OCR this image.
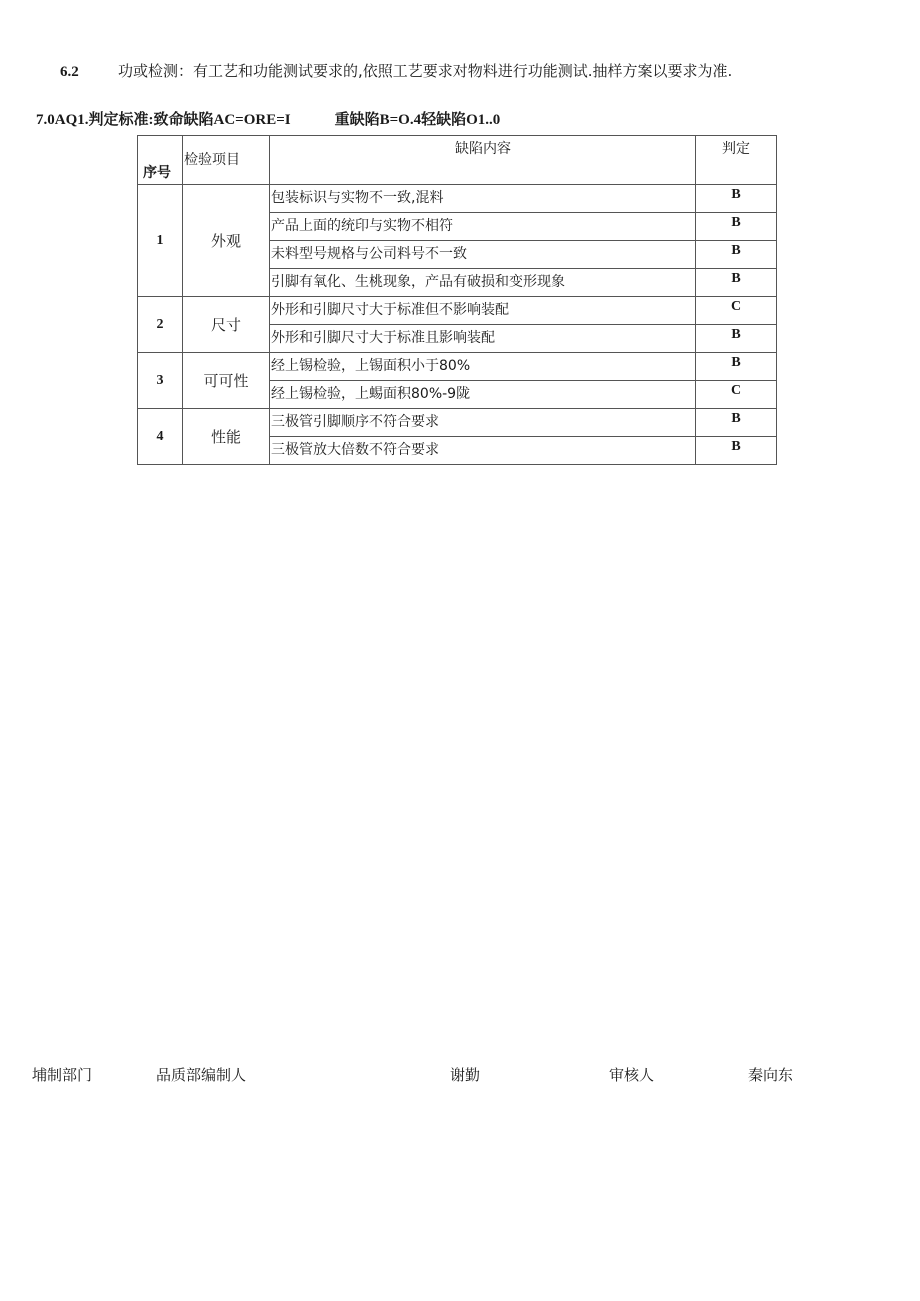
6.2	功或检测：有工艺和功能测试要求的,依照工艺要求对物料进行功能测试.抽样方案以要求为准.
7.0AQ1.判定标准:致命缺陷AC=ORE=I	重缺陷B=O.4轻缺陷O1..0
序号	检验项目	缺陷内容	判定

1	外观	包装标识与实物不一致,混料	B
		产品上面的统印与实物不相符	B
		未料型号规格与公司料号不一致	B
		引脚有氧化、生桃现象，产品有破损和变形现象	B
2	尺寸	外形和引脚尺寸大于标准但不影响装配	C
		外形和引脚尺寸大于标准且影响装配	B
3	可可性	经上锡检验，上锡面积小于80%	B
		经上锡检验，上蜴面积80%-9陇	C
4	性能	三极管引脚顺序不符合要求	B
		三极管放大倍数不符合要求	B
埔制部门	品质部编制人	谢勤	审核人	秦向东
